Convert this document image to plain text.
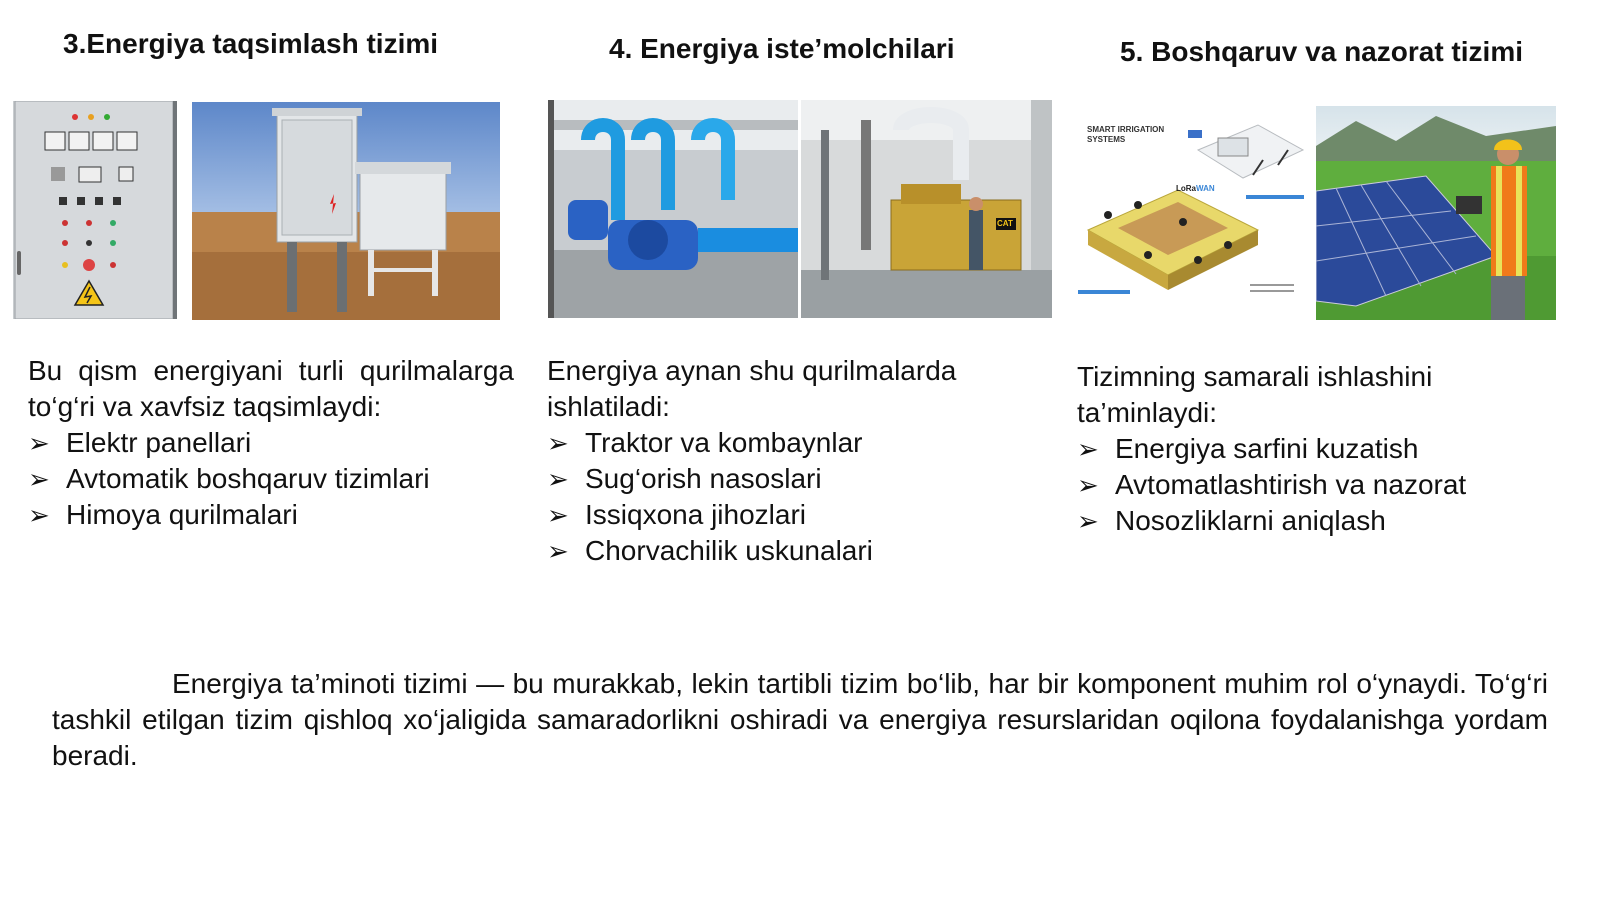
3.Energiya taqsimlash tizimi	4. Energiya iste’molchilari	5. Boshqaruv va nazorat tizimi
CAT
SMART IRRIGATION
SYSTEMS
LoRaWAN
Bu qism energiyani turli qurilmalarga
to‘g‘ri va xavfsiz taqsimlaydi:
➢ Elektr panellari
➢ Avtomatik boshqaruv tizimlari
➢ Himoya qurilmalari
Energiya aynan shu qurilmalarda
ishlatiladi:
➢ Traktor va kombaynlar
➢ Sug‘orish nasoslari
➢ Issiqxona jihozlari
➢ Chorvachilik uskunalari
Tizimning samarali ishlashini
ta’minlaydi:
➢ Energiya sarfini kuzatish
➢ Avtomatlashtirish va nazorat
➢ Nosozliklarni aniqlash
Energiya ta’minoti tizimi — bu murakkab, lekin tartibli tizim bo‘lib, har bir komponent muhim rol o‘ynaydi. To‘g‘ri tashkil etilgan tizim qishloq xo‘jaligida samaradorlikni oshiradi va energiya resurslaridan oqilona foydalanishga yordam beradi.
